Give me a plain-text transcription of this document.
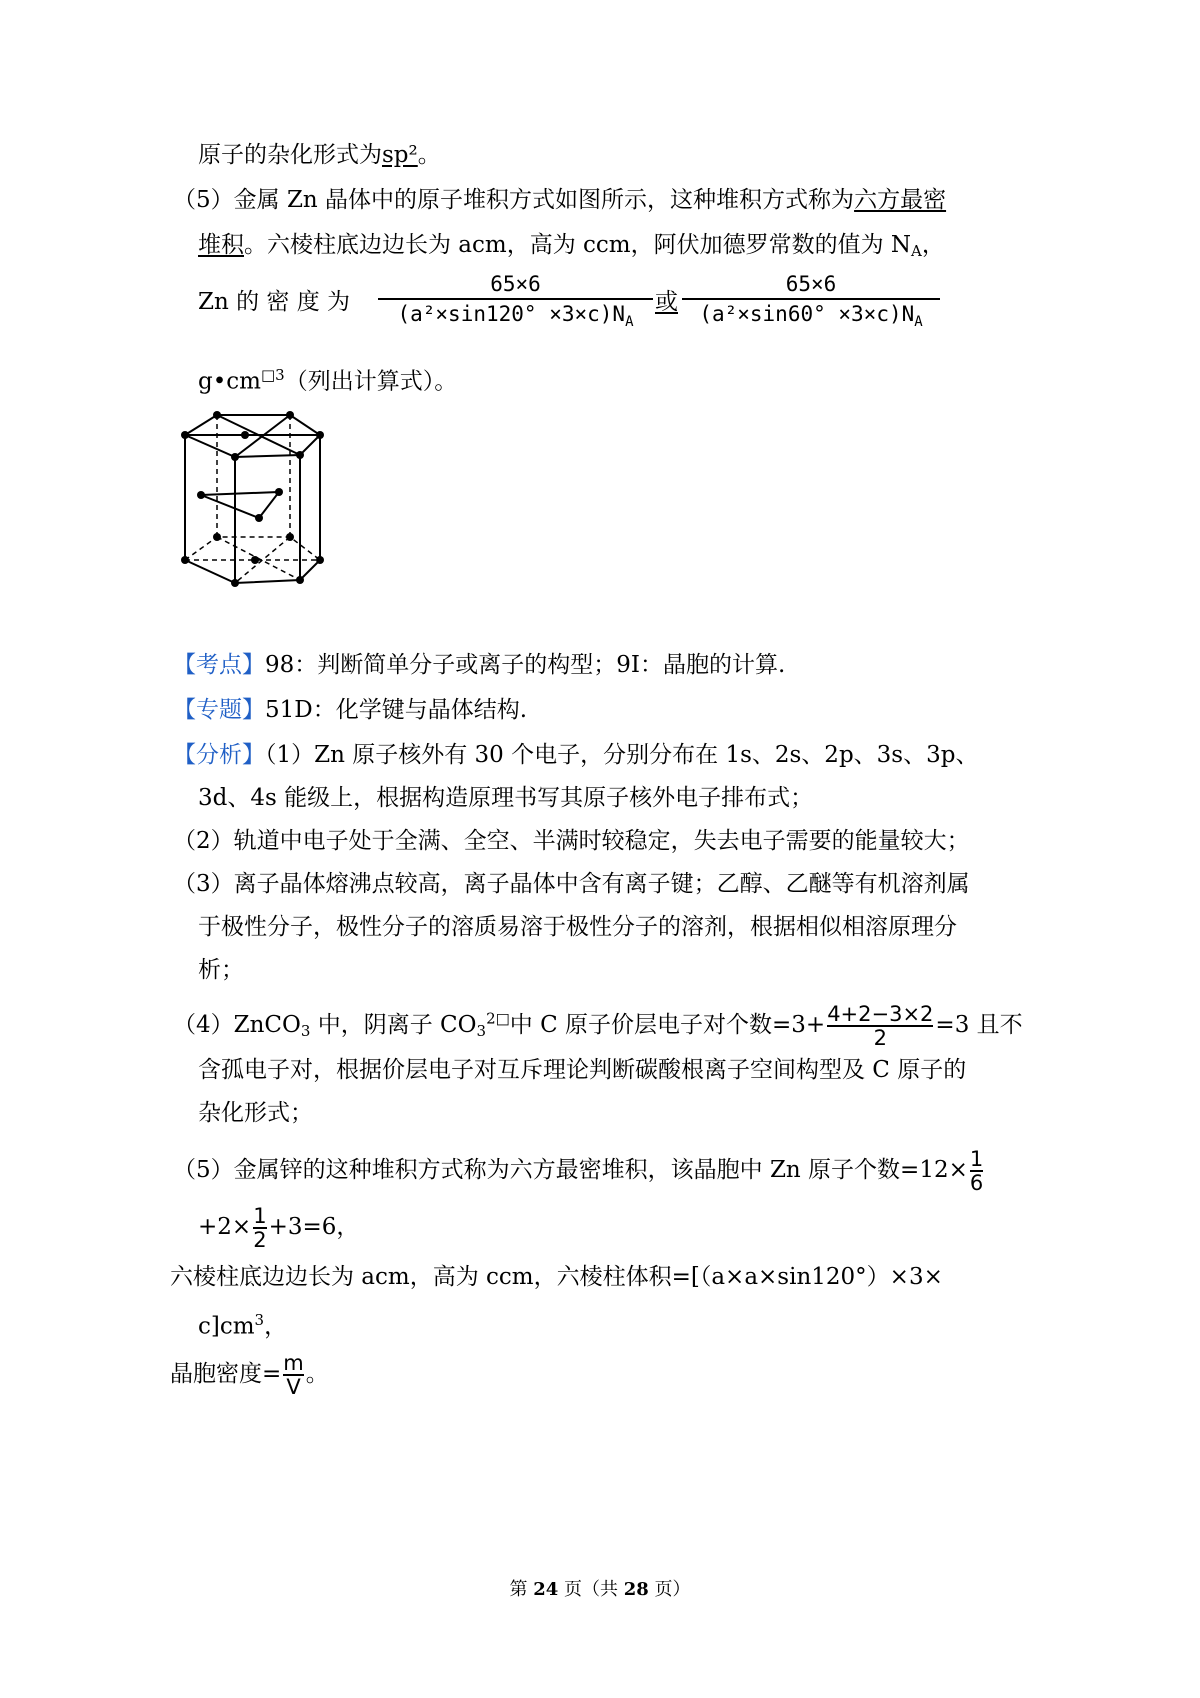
原子的杂化形式为sp²。
（5）金属 Zn 晶体中的原子堆积方式如图所示，这种堆积方式称为六方最密
堆积。六棱柱底边边长为 acm，高为 ccm，阿伏加德罗常数的值为 NA，
Zn 的 密 度 为
65×6
$(a^2\times\sin 120^\circ \times 3\times c)N_A$
或
65×6
$(a^2\times\sin 60^\circ \times 3\times c)N_A$
$g•cm^{□3}$（列出计算式）。
【考点】98：判断简单分子或离子的构型；9I：晶胞的计算.
【专题】51D：化学键与晶体结构.
【分析】（1）Zn 原子核外有 30 个电子，分别分布在 1s、2s、2p、3s、3p、
3d、4s 能级上，根据构造原理书写其原子核外电子排布式；
（2）轨道中电子处于全满、全空、半满时较稳定，失去电子需要的能量较大；
（3）离子晶体熔沸点较高，离子晶体中含有离子键；乙醇、乙醚等有机溶剂属
于极性分子，极性分子的溶质易溶于极性分子的溶剂，根据相似相溶原理分
析；
（4）ZnCO3 中，阴离子 $CO3^{2□}$中 C 原子价层电子对个数$=3+ \frac{4+2-3\times 2}{2} =3$ 且不
含孤电子对，根据价层电子对互斥理论判断碳酸根离子空间构型及 C 原子的
杂化形式；
（5）金属锌的这种堆积方式称为六方最密堆积，该晶胞中 Zn 原子个数$=12\times \frac{1}{6}$
$+2\times \frac{1}{2} +3=6$，
六棱柱底边边长为 acm，高为 ccm，六棱柱体积=[（a×a×sin120°）×3×
$c]cm^3$，
晶胞密度= $\frac{m}{V}$ 。
第 24 页（共 28 页）
